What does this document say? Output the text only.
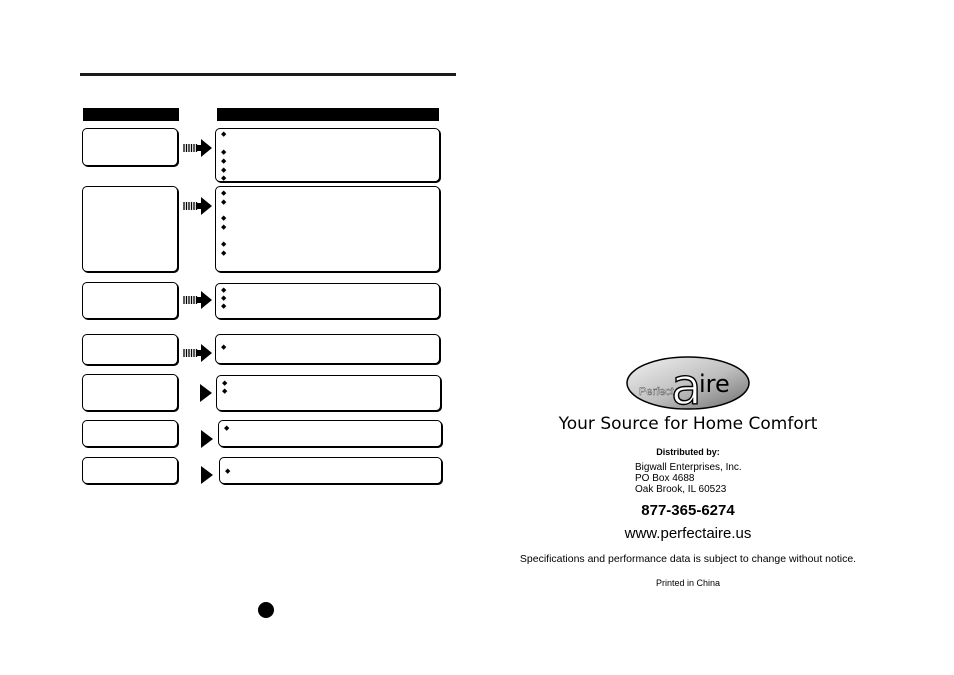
◆
◆
◆
◆
◆
◆
◆
◆
◆
◆
◆
◆
◆
◆
◆
◆
◆
◆
◆
Perfect
a
ire
Your Source for Home Comfort
Distributed by:
Bigwall Enterprises, Inc.
PO Box 4688
Oak Brook, IL 60523
877-365-6274
www.perfectaire.us
Specifications and performance data is subject to change without notice.
Printed in China
